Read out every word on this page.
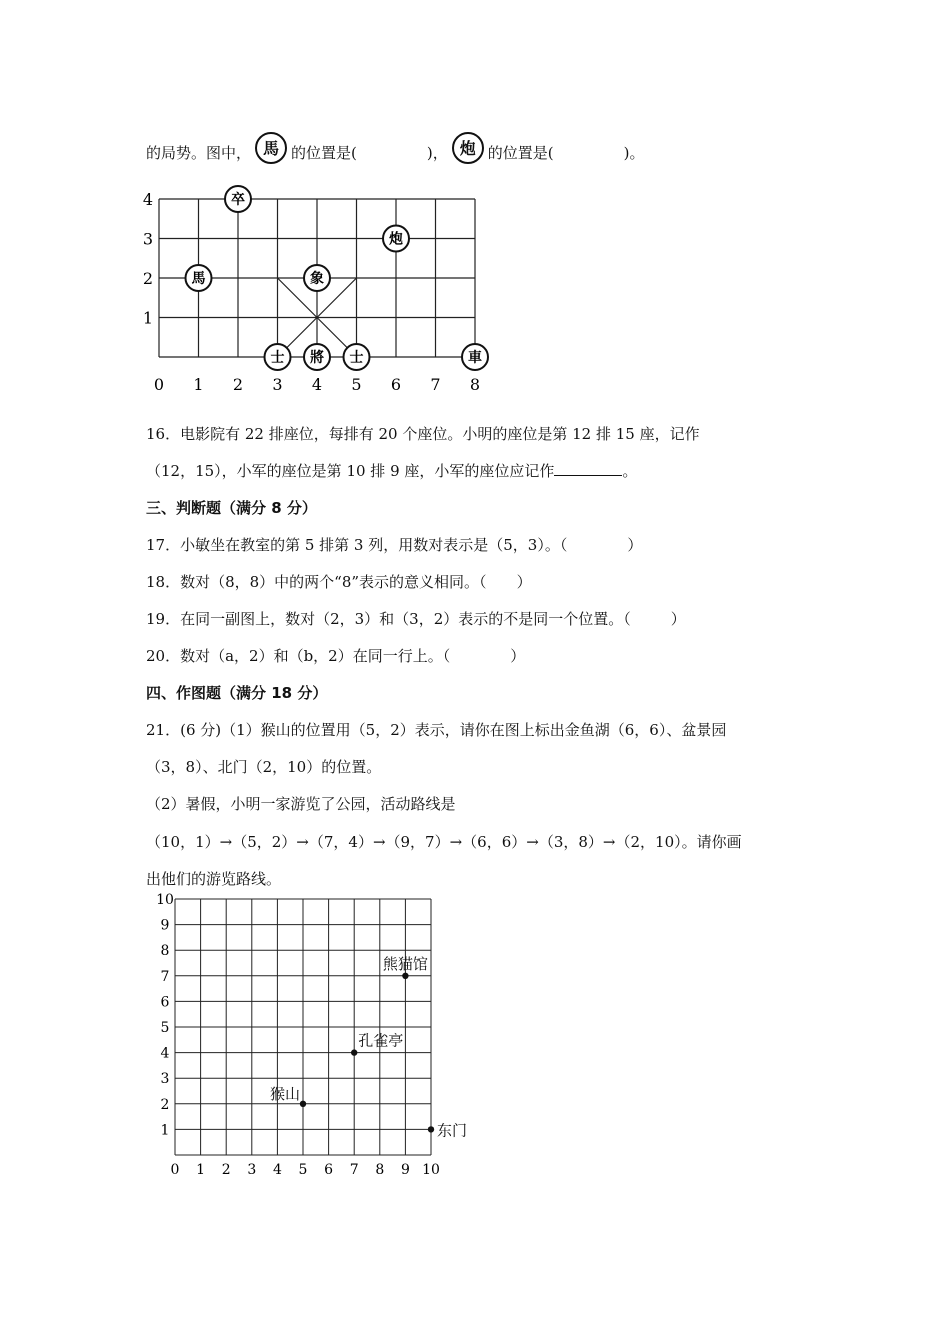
的局势。图中， 馬 的位置是(	)， 炮 的位置是(	)。
0 1 2 3 4 5 6 7 8
1
2
3
4	卒
炮
馬	象
士 將 士	車
16．电影院有 22 排座位，每排有 20 个座位。小明的座位是第 12 排 15 座，记作
（12，15），小军的座位是第 10 排 9 座，小军的座位应记作	。
三、判断题（满分 8 分）
17．小敏坐在教室的第 5 排第 3 列，用数对表示是（5，3）。（	）
18．数对（8，8）中的两个“8”表示的意义相同。（ ）
19．在同一副图上，数对（2，3）和（3，2）表示的不是同一个位置。（	）
20．数对（a，2）和（b，2）在同一行上。（	）
四、作图题（满分 18 分）
21．(6 分)（1）猴山的位置用（5，2）表示，请你在图上标出金鱼湖（6，6）、盆景园
（3，8）、北门（2，10）的位置。
（2）暑假，小明一家游览了公园，活动路线是
（10，1）→（5，2）→（7，4）→（9，7）→（6，6）→（3，8）→（2，10）。请你画
出他们的游览路线。
0 1 2 3 4 5 6 7 8 9 10
1
2
3
4
5
6
7
8
9
10
熊猫馆
孔雀亭
猴山
东门
